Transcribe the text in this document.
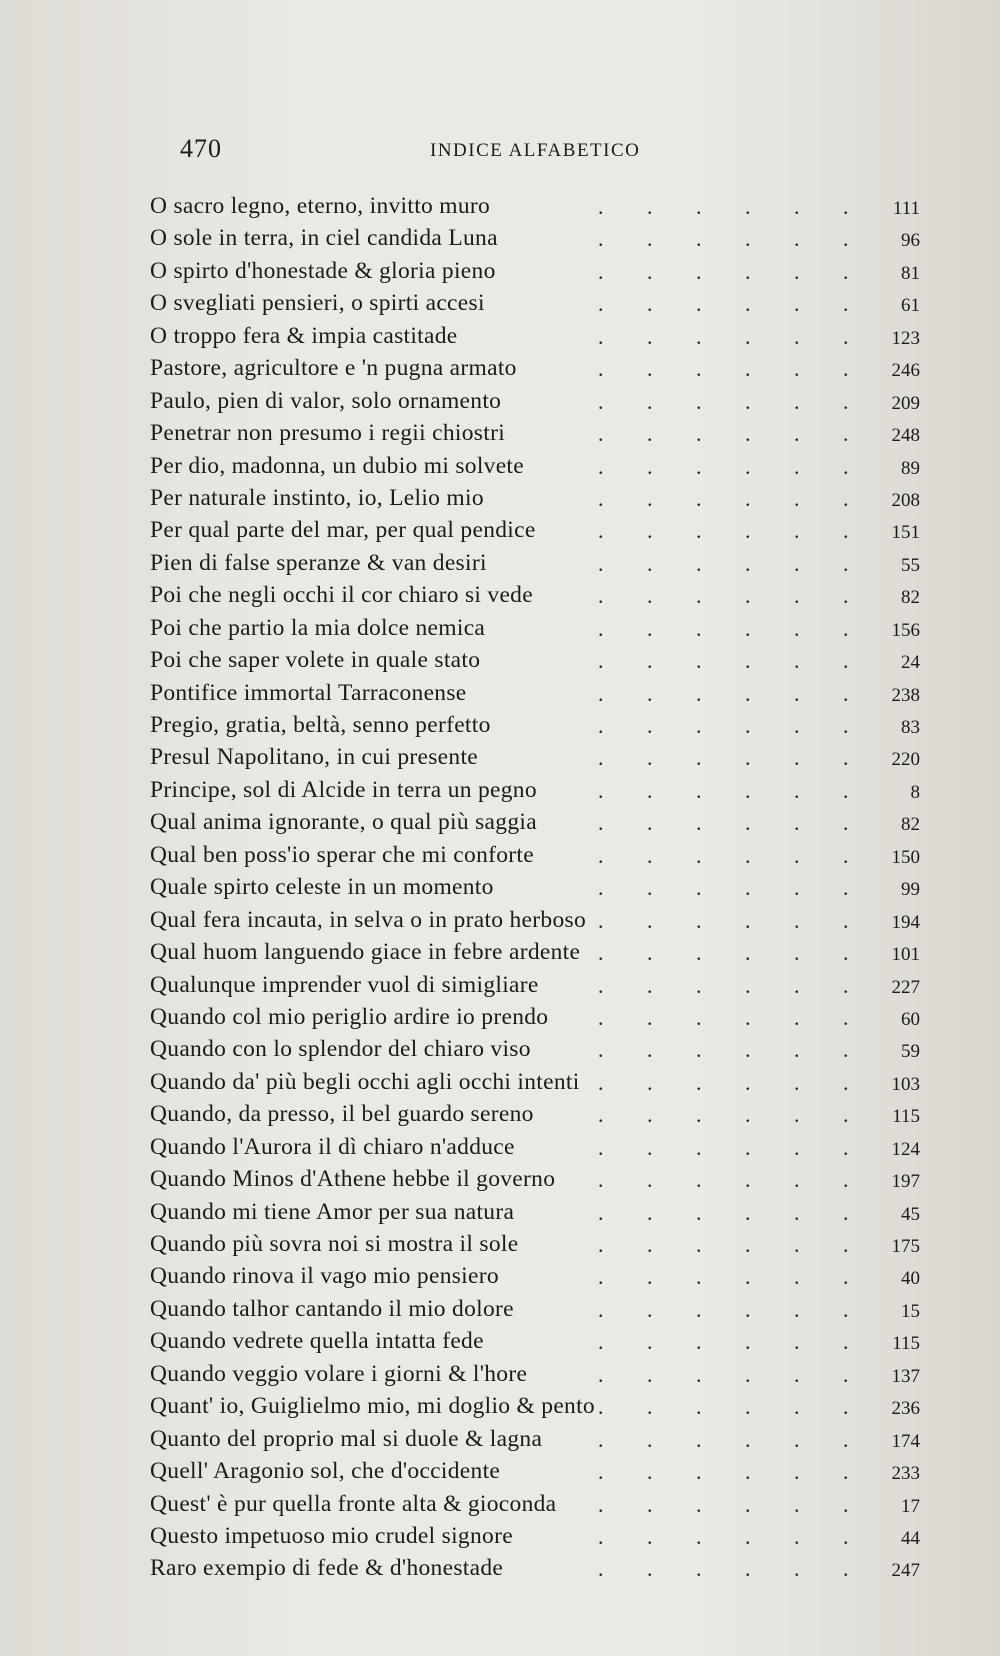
470	INDICE ALFABETICO
O sacro legno, eterno, invitto muro . . .	111
O sole in terra, in ciel candida Luna . . .	96
O spirto d'honestade & gloria pieno . . .	81
O svegliati pensieri, o spirti accesi . . .	61
O troppo fera & impia castitade . . .	123
Pastore, agricultore e 'n pugna armato . . .	246
Paulo, pien di valor, solo ornamento . . .	209
Penetrar non presumo i regii chiostri . . .	248
Per dio, madonna, un dubio mi solvete . . .	89
Per naturale instinto, io, Lelio mio . . .	208
Per qual parte del mar, per qual pendice . . .	151
Pien di false speranze & van desiri . . .	55
Poi che negli occhi il cor chiaro si vede . . .	82
Poi che partio la mia dolce nemica . . .	156
Poi che saper volete in quale stato . . .	24
Pontifice immortal Tarraconense . . .	238
Pregio, gratia, beltà, senno perfetto . . .	83
Presul Napolitano, in cui presente . . .	220
Principe, sol di Alcide in terra un pegno . . .	8
Qual anima ignorante, o qual più saggia . . .	82
Qual ben poss'io sperar che mi conforte . . .	150
Quale spirto celeste in un momento . . .	99
Qual fera incauta, in selva o in prato herboso . . .	194
Qual huom languendo giace in febre ardente . . .	101
Qualunque imprender vuol di simigliare . . .	227
Quando col mio periglio ardire io prendo . . .	60
Quando con lo splendor del chiaro viso . . .	59
Quando da' più begli occhi agli occhi intenti . . .	103
Quando, da presso, il bel guardo sereno . . .	115
Quando l'Aurora il dì chiaro n'adduce . . .	124
Quando Minos d'Athene hebbe il governo . . .	197
Quando mi tiene Amor per sua natura . . .	45
Quando più sovra noi si mostra il sole . . .	175
Quando rinova il vago mio pensiero . . .	40
Quando talhor cantando il mio dolore . . .	15
Quando vedrete quella intatta fede . . .	115
Quando veggio volare i giorni & l'hore . . .	137
Quant' io, Guiglielmo mio, mi doglio & pento . . .	236
Quanto del proprio mal si duole & lagna . . .	174
Quell' Aragonio sol, che d'occidente . . .	233
Quest' è pur quella fronte alta & gioconda . . .	17
Questo impetuoso mio crudel signore . . .	44
Raro exempio di fede & d'honestade . . .	247
